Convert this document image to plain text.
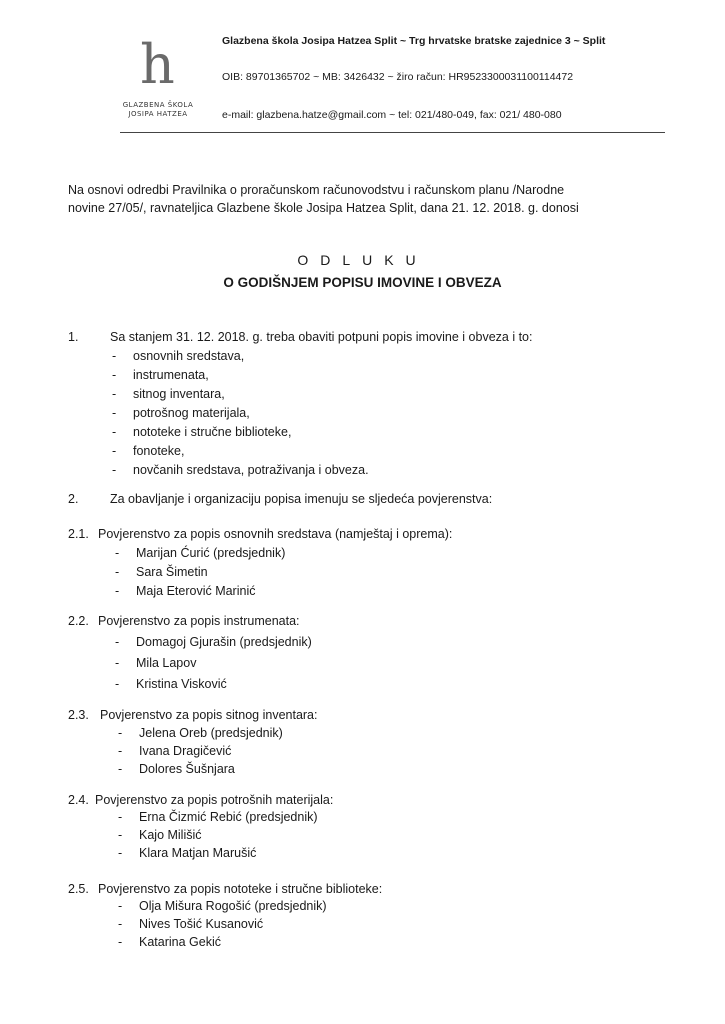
h
GLAZBENA ŠKOLA
JOSIPA HATZEA
Glazbena škola Josipa Hatzea Split ~ Trg hrvatske bratske zajednice 3 ~ Split
OIB: 89701365702 ~ MB: 3426432 ~ žiro račun: HR9523300031100114472
e-mail: glazbena.hatze@gmail.com ~ tel: 021/480-049, fax: 021/ 480-080
Na osnovi odredbi Pravilnika o proračunskom računovodstvu i računskom planu /Narodne
novine 27/05/, ravnateljica Glazbene škole Josipa Hatzea Split, dana 21. 12. 2018. g. donosi
ODLUKU
O GODIŠNJEM POPISU IMOVINE I OBVEZA
1.	Sa stanjem 31. 12. 2018. g. treba obaviti potpuni popis imovine i obveza i to:
- osnovnih sredstava,
- instrumenata,
- sitnog inventara,
- potrošnog materijala,
- nototeke i stručne biblioteke,
- fonoteke,
- novčanih sredstava, potraživanja i obveza.
2.	Za obavljanje i organizaciju popisa imenuju se sljedeća povjerenstva:
2.1. Povjerenstvo za popis osnovnih sredstava (namještaj i oprema):
- Marijan Ćurić (predsjednik)
- Sara Šimetin
- Maja Eterović Marinić
2.2. Povjerenstvo za popis instrumenata:
- Domagoj Gjurašin (predsjednik)
- Mila Lapov
- Kristina Visković
2.3. Povjerenstvo za popis sitnog inventara:
- Jelena Oreb (predsjednik)
- Ivana Dragičević
- Dolores Šušnjara
2.4. Povjerenstvo za popis potrošnih materijala:
- Erna Čizmić Rebić (predsjednik)
- Kajo Milišić
- Klara Matjan Marušić
2.5. Povjerenstvo za popis nototeke i stručne biblioteke:
- Olja Mišura Rogošić (predsjednik)
- Nives Tošić Kusanović
- Katarina Gekić
